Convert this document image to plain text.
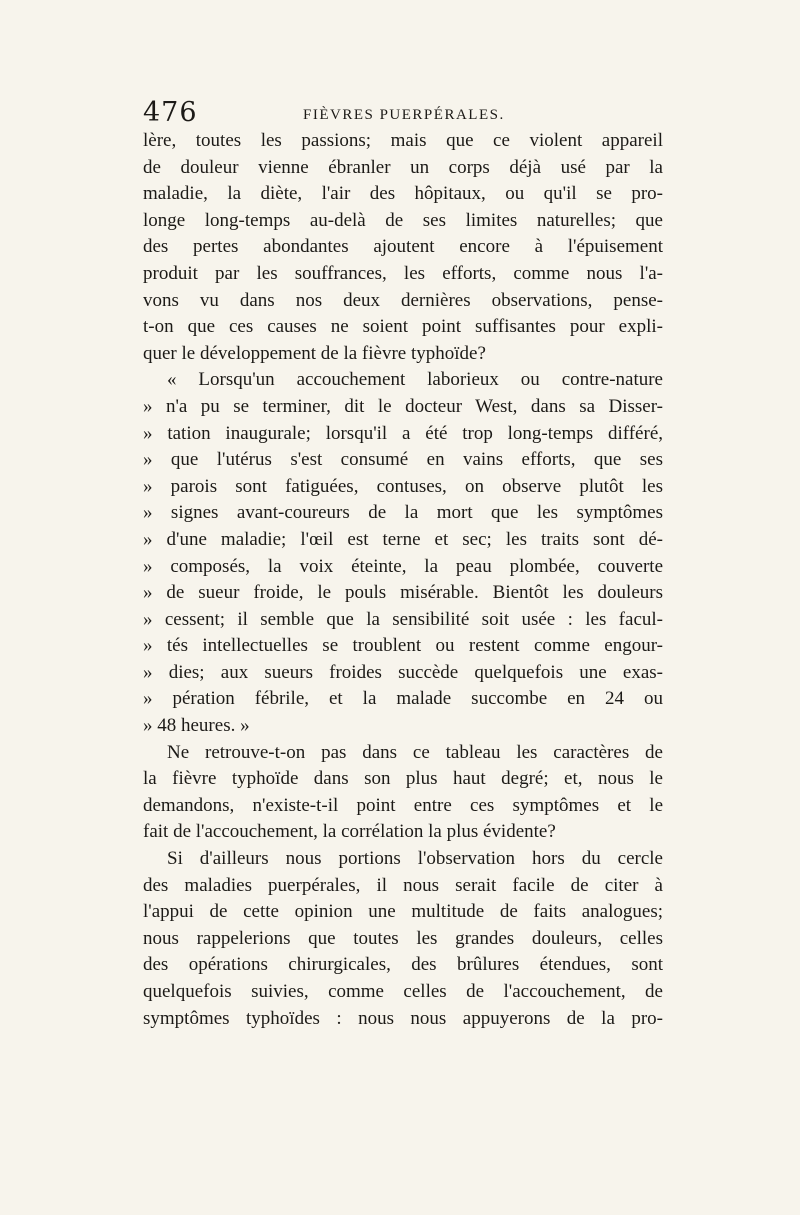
476	FIÈVRES PUERPÉRALES.
lère, toutes les passions; mais que ce violent appareil
de douleur vienne ébranler un corps déjà usé par la
maladie, la diète, l'air des hôpitaux, ou qu'il se pro-
longe long-temps au-delà de ses limites naturelles; que
des pertes abondantes ajoutent encore à l'épuisement
produit par les souffrances, les efforts, comme nous l'a-
vons vu dans nos deux dernières observations, pense-
t-on que ces causes ne soient point suffisantes pour expli-
quer le développement de la fièvre typhoïde?
« Lorsqu'un accouchement laborieux ou contre-nature
» n'a pu se terminer, dit le docteur West, dans sa Disser-
» tation inaugurale; lorsqu'il a été trop long-temps différé,
» que l'utérus s'est consumé en vains efforts, que ses
» parois sont fatiguées, contuses, on observe plutôt les
» signes avant-coureurs de la mort que les symptômes
» d'une maladie; l'œil est terne et sec; les traits sont dé-
» composés, la voix éteinte, la peau plombée, couverte
» de sueur froide, le pouls misérable. Bientôt les douleurs
» cessent; il semble que la sensibilité soit usée : les facul-
» tés intellectuelles se troublent ou restent comme engour-
» dies; aux sueurs froides succède quelquefois une exas-
» pération fébrile, et la malade succombe en 24 ou
» 48 heures. »
Ne retrouve-t-on pas dans ce tableau les caractères de
la fièvre typhoïde dans son plus haut degré; et, nous le
demandons, n'existe-t-il point entre ces symptômes et le
fait de l'accouchement, la corrélation la plus évidente?
Si d'ailleurs nous portions l'observation hors du cercle
des maladies puerpérales, il nous serait facile de citer à
l'appui de cette opinion une multitude de faits analogues;
nous rappelerions que toutes les grandes douleurs, celles
des opérations chirurgicales, des brûlures étendues, sont
quelquefois suivies, comme celles de l'accouchement, de
symptômes typhoïdes : nous nous appuyerons de la pro-
